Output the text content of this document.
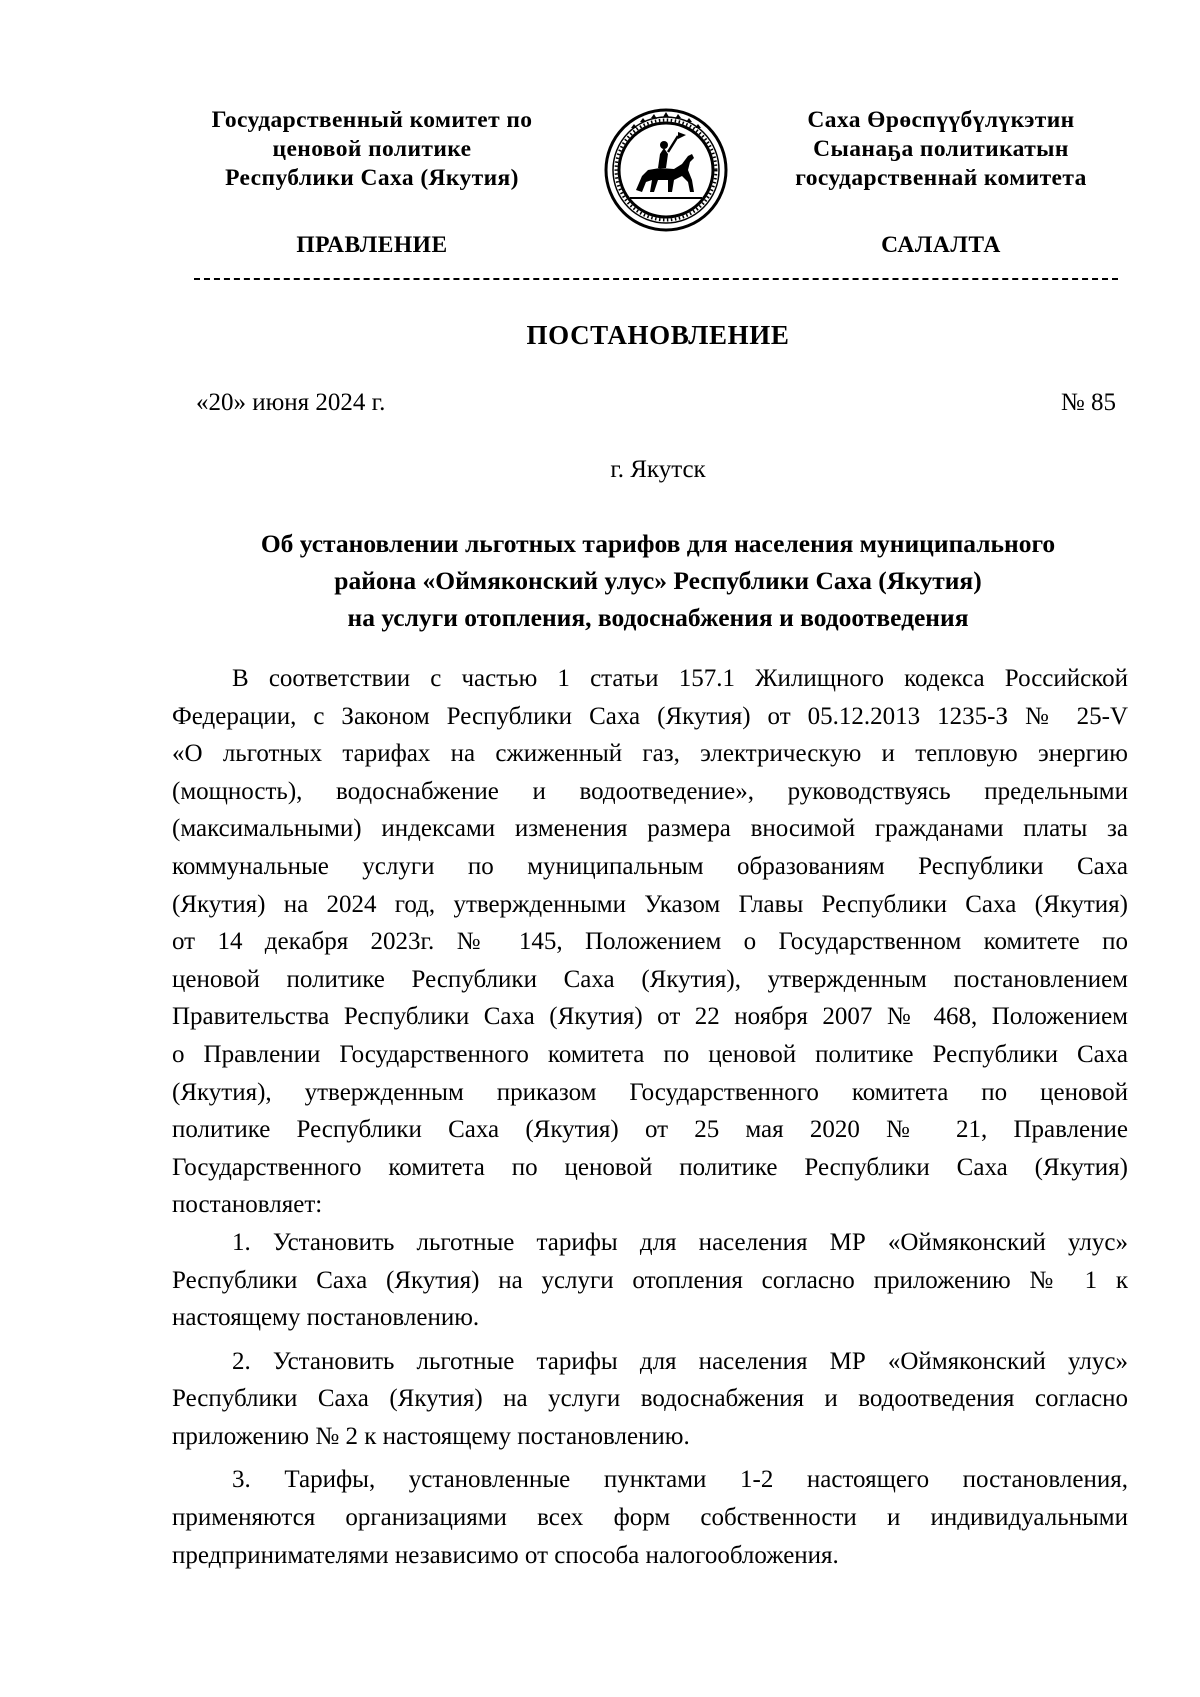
Государственный комитет по
ценовой политике
Республики Саха (Якутия)
Саха Өрөспүүбүлүкэтин
Сыанаҕа политикатын
государственнай комитета
ПРАВЛЕНИЕ	САЛАЛТА
ПОСТАНОВЛЕНИЕ
«20» июня 2024 г.	№ 85
г. Якутск
Об установлении льготных тарифов для населения муниципального
района «Оймяконский улус» Республики Саха (Якутия)
на услуги отопления, водоснабжения и водоотведения
В соответствии с частью 1 статьи 157.1 Жилищного кодекса Российской
Федерации, с Законом Республики Саха (Якутия) от 05.12.2013 1235-З № 25-V
«О льготных тарифах на сжиженный газ, электрическую и тепловую энергию
(мощность), водоснабжение и водоотведение», руководствуясь предельными
(максимальными) индексами изменения размера вносимой гражданами платы за
коммунальные услуги по муниципальным образованиям Республики Саха
(Якутия) на 2024 год, утвержденными Указом Главы Республики Саха (Якутия)
от 14 декабря 2023г. № 145, Положением о Государственном комитете по
ценовой политике Республики Саха (Якутия), утвержденным постановлением
Правительства Республики Саха (Якутия) от 22 ноября 2007 № 468, Положением
о Правлении Государственного комитета по ценовой политике Республики Саха
(Якутия), утвержденным приказом Государственного комитета по ценовой
политике Республики Саха (Якутия) от 25 мая 2020 № 21, Правление
Государственного комитета по ценовой политике Республики Саха (Якутия)
постановляет:
1. Установить льготные тарифы для населения МР «Оймяконский улус»
Республики Саха (Якутия) на услуги отопления согласно приложению № 1 к
настоящему постановлению.
2. Установить льготные тарифы для населения МР «Оймяконский улус»
Республики Саха (Якутия) на услуги водоснабжения и водоотведения согласно
приложению № 2 к настоящему постановлению.
3. Тарифы, установленные пунктами 1-2 настоящего постановления,
применяются организациями всех форм собственности и индивидуальными
предпринимателями независимо от способа налогообложения.
